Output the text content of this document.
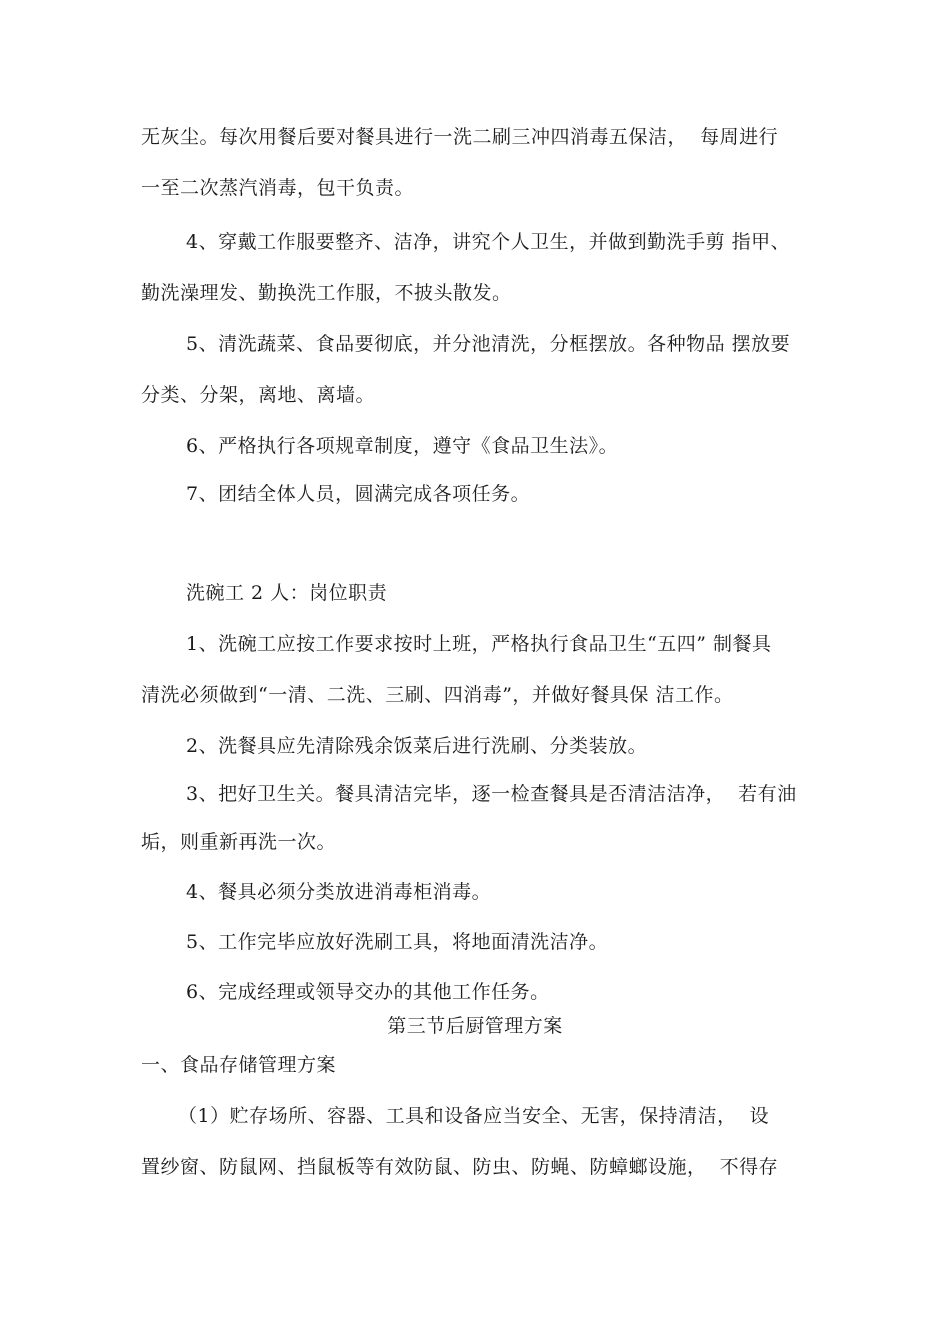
无灰尘。每次用餐后要对餐具进行一洗二刷三冲四消毒五保洁，  每周进行
一至二次蒸汽消毒，包干负责。
4、穿戴工作服要整齐、洁净，讲究个人卫生，并做到勤洗手剪 指甲、
勤洗澡理发、勤换洗工作服，不披头散发。
5、清洗蔬菜、食品要彻底，并分池清洗，分框摆放。各种物品 摆放要
分类、分架，离地、离墙。
6、严格执行各项规章制度，遵守《食品卫生法》。
7、团结全体人员，圆满完成各项任务。
洗碗工 2 人：岗位职责
1、洗碗工应按工作要求按时上班，严格执行食品卫生“五四” 制餐具
清洗必须做到“一清、二洗、三刷、四消毒”，并做好餐具保 洁工作。
2、洗餐具应先清除残余饭菜后进行洗刷、分类装放。
3、把好卫生关。餐具清洁完毕，逐一检查餐具是否清洁洁净，  若有油
垢，则重新再洗一次。
4、餐具必须分类放进消毒柜消毒。
5、工作完毕应放好洗刷工具，将地面清洗洁净。
6、完成经理或领导交办的其他工作任务。
第三节后厨管理方案
一、食品存储管理方案
（1）贮存场所、容器、工具和设备应当安全、无害，保持清洁，  设
置纱窗、防鼠网、挡鼠板等有效防鼠、防虫、防蝇、防蟑螂设施，  不得存
